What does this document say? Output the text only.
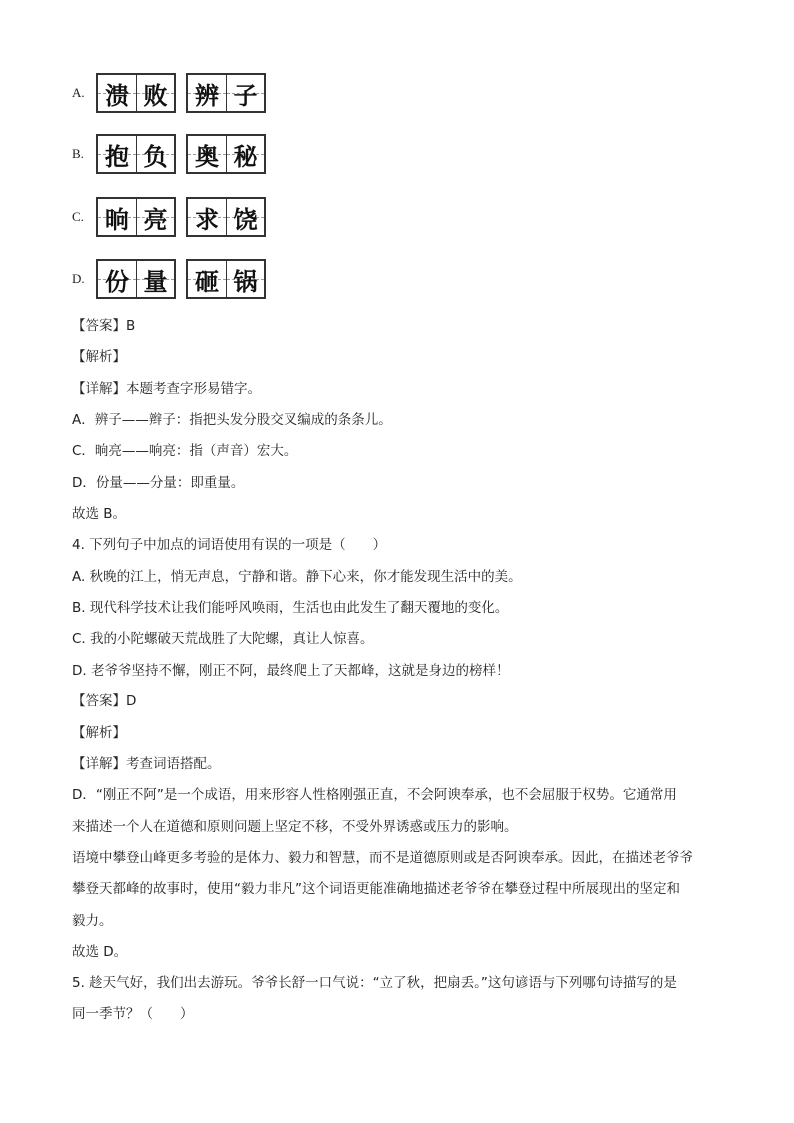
A. 溃 败 辨 子
B. 抱 负 奥 秘
C. 晌 亮 求 饶
D. 份 量 砸 锅
【答案】B
【解析】
【详解】本题考查字形易错字。
A．辨子——辫子：指把头发分股交叉编成的条条儿。
C．晌亮——响亮：指（声音）宏大。
D．份量——分量：即重量。
故选 B。
4. 下列句子中加点的词语使用有误的一项是（　　）
A. 秋晚的江上，悄无声息，宁静和谐。静下心来，你才能发现生活中的美。
B. 现代科学技术让我们能呼风唤雨，生活也由此发生了翻天覆地的变化。
C. 我的小陀螺破天荒战胜了大陀螺，真让人惊喜。
D. 老爷爷坚持不懈，刚正不阿，最终爬上了天都峰，这就是身边的榜样！
【答案】D
【解析】
【详解】考查词语搭配。
D．“刚正不阿”是一个成语，用来形容人性格刚强正直，不会阿谀奉承，也不会屈服于权势。它通常用
来描述一个人在道德和原则问题上坚定不移，不受外界诱惑或压力的影响。
语境中攀登山峰更多考验的是体力、毅力和智慧，而不是道德原则或是否阿谀奉承。因此，在描述老爷爷
攀登天都峰的故事时，使用“毅力非凡”这个词语更能准确地描述老爷爷在攀登过程中所展现出的坚定和
毅力。
故选 D。
5. 趁天气好，我们出去游玩。爷爷长舒一口气说：“立了秋，把扇丢。”这句谚语与下列哪句诗描写的是
同一季节？（　　）
